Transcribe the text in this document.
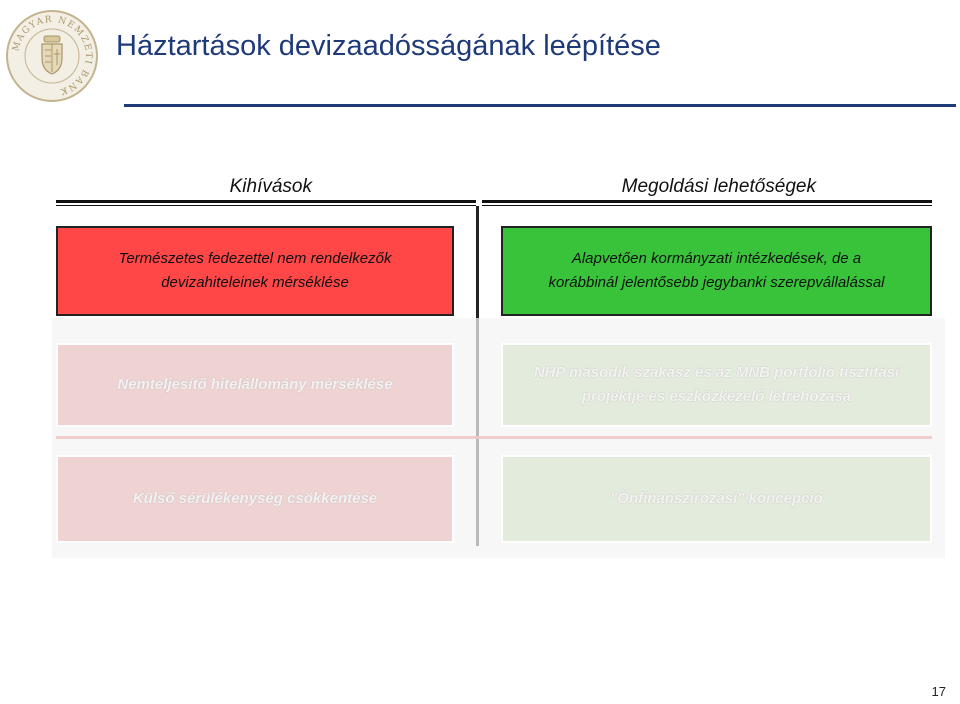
MAGYAR NEMZETI BANK
Háztartások devizaadósságának leépítése
Kihívások	Megoldási lehetőségek
Természetes fedezettel nem rendelkezők
devizahiteleinek mérséklése
Alapvetően kormányzati intézkedések, de a
korábbinál jelentősebb jegybanki szerepvállalással
Nemteljesítő hitelállomány mérséklése
NHP második szakasz és az MNB portfólió tisztítási
projektje és eszközkezelő létrehozása
Külső sérülékenység csökkentése	"Önfinanszírozási" koncepció
17
